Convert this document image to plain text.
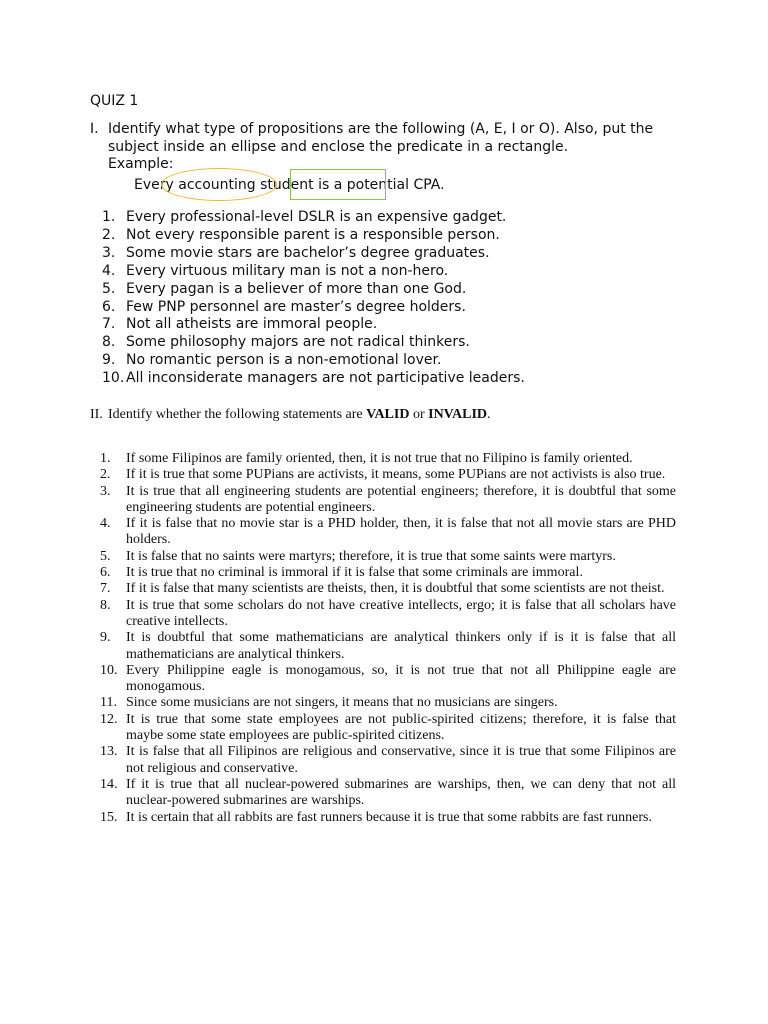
QUIZ 1
I. Identify what type of propositions are the following (A, E, I or O). Also, put the subject inside an ellipse and enclose the predicate in a rectangle.
Example:
Every accounting student is a potential CPA.
1. Every professional-level DSLR is an expensive gadget.
2. Not every responsible parent is a responsible person.
3. Some movie stars are bachelor’s degree graduates.
4. Every virtuous military man is not a non-hero.
5. Every pagan is a believer of more than one God.
6. Few PNP personnel are master’s degree holders.
7. Not all atheists are immoral people.
8. Some philosophy majors are not radical thinkers.
9. No romantic person is a non-emotional lover.
10. All inconsiderate managers are not participative leaders.
II. Identify whether the following statements are VALID or INVALID.
1. If some Filipinos are family oriented, then, it is not true that no Filipino is family oriented.
2. If it is true that some PUPians are activists, it means, some PUPians are not activists is also true.
3. It is true that all engineering students are potential engineers; therefore, it is doubtful that some engineering students are potential engineers.
4. If it is false that no movie star is a PHD holder, then, it is false that not all movie stars are PHD holders.
5. It is false that no saints were martyrs; therefore, it is true that some saints were martyrs.
6. It is true that no criminal is immoral if it is false that some criminals are immoral.
7. If it is false that many scientists are theists, then, it is doubtful that some scientists are not theist.
8. It is true that some scholars do not have creative intellects, ergo; it is false that all scholars have creative intellects.
9. It is doubtful that some mathematicians are analytical thinkers only if is it is false that all mathematicians are analytical thinkers.
10. Every Philippine eagle is monogamous, so, it is not true that not all Philippine eagle are monogamous.
11. Since some musicians are not singers, it means that no musicians are singers.
12. It is true that some state employees are not public-spirited citizens; therefore, it is false that maybe some state employees are public-spirited citizens.
13. It is false that all Filipinos are religious and conservative, since it is true that some Filipinos are not religious and conservative.
14. If it is true that all nuclear-powered submarines are warships, then, we can deny that not all nuclear-powered submarines are warships.
15. It is certain that all rabbits are fast runners because it is true that some rabbits are fast runners.
